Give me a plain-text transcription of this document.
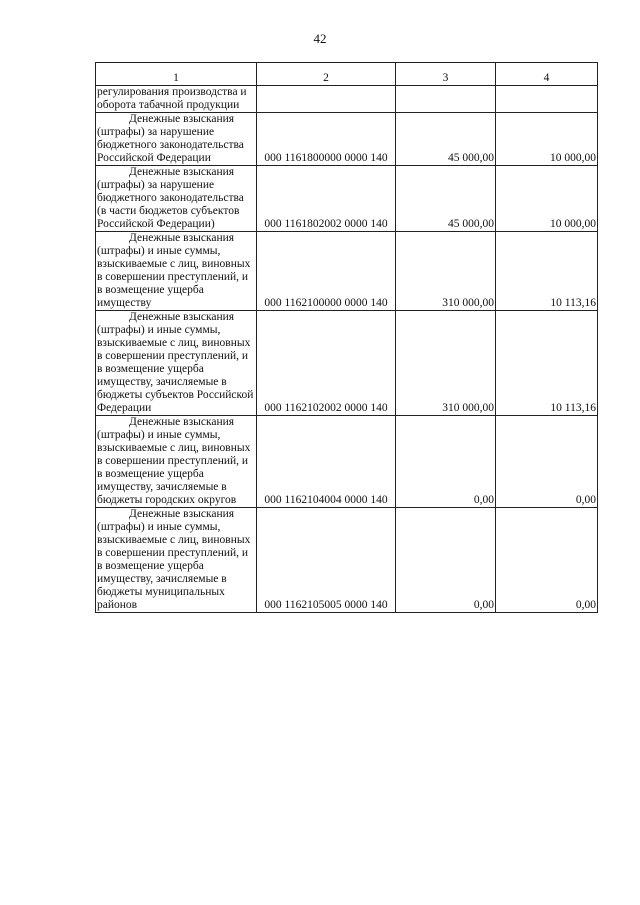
42
1	2	3	4

регулирования производства и оборота табачной продукции			

Денежные взыскания (штрафы) за нарушение бюджетного законодательства Российской Федерации	000 1161800000 0000 140	45 000,00	10 000,00

Денежные взыскания (штрафы) за нарушение бюджетного законодательства (в части бюджетов субъектов Российской Федерации)	000 1161802002 0000 140	45 000,00	10 000,00

Денежные взыскания (штрафы) и иные суммы, взыскиваемые с лиц, виновных в совершении преступлений, и в возмещение ущерба имуществу	000 1162100000 0000 140	310 000,00	10 113,16

Денежные взыскания (штрафы) и иные суммы, взыскиваемые с лиц, виновных в совершении преступлений, и в возмещение ущерба имуществу, зачисляемые в бюджеты субъектов Российской Федерации	000 1162102002 0000 140	310 000,00	10 113,16

Денежные взыскания (штрафы) и иные суммы, взыскиваемые с лиц, виновных в совершении преступлений, и в возмещение ущерба имуществу, зачисляемые в бюджеты городских округов	000 1162104004 0000 140	0,00	0,00

Денежные взыскания (штрафы) и иные суммы, взыскиваемые с лиц, виновных в совершении преступлений, и в возмещение ущерба имуществу, зачисляемые в бюджеты муниципальных районов	000 1162105005 0000 140	0,00	0,00
